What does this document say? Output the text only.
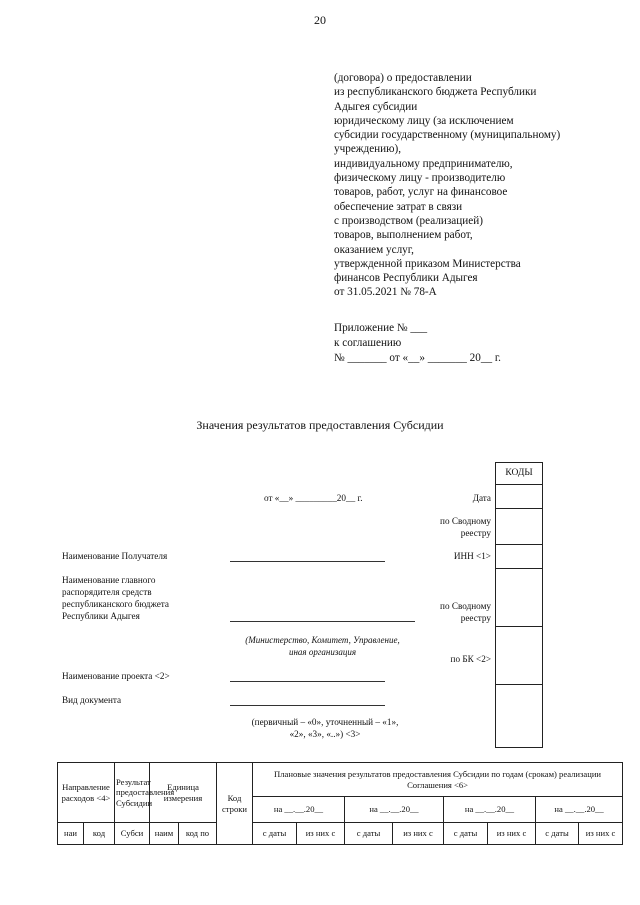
20
(договора) о предоставлении
из республиканского бюджета Республики
Адыгея субсидии
юридическому лицу (за исключением
субсидии государственному (муниципальному)
учреждению),
индивидуальному предпринимателю,
физическому лицу - производителю
товаров, работ, услуг на финансовое
обеспечение затрат в связи
с производством (реализацией)
товаров, выполнением работ,
оказанием услуг,
утвержденной приказом Министерства
финансов Республики Адыгея
от 31.05.2021 № 78-А
Приложение № ___
к соглашению
№ _______ от «__» _______ 20__ г.
Значения результатов предоставления Субсидии
от «__» _________20__ г.
КОДЫ
Дата
по Сводному
реестру
ИНН <1>
по Сводному
реестру
по БК <2>
Наименование Получателя
Наименование главного
распорядителя средств
республиканского бюджета
Республики Адыгея
(Министерство, Комитет, Управление,
иная организация
Наименование проекта <2>
Вид документа
(первичный – «0», уточненный – «1»,
«2», «3», «..») <3>
Направление расходов <4>		Результат предоставления Субсидии	Единица измерения		Код строки	Плановые значения результатов предоставления Субсидии по годам (срокам) реализации Соглашения <6>							
						на __.__.20__		на __.__.20__		на __.__.20__		на __.__.20__	
наи	код	Субси	наим	код по		с даты	из них с	с даты	из них с	с даты	из них с	с даты	из них с
